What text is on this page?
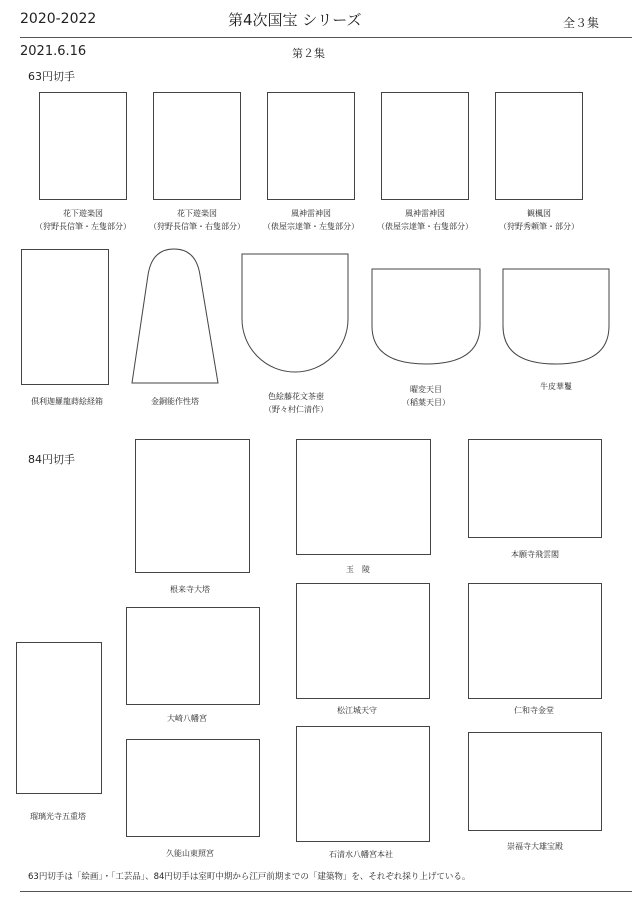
2020-2022	第4次国宝 シリーズ	全３集
2021.6.16	第２集
63円切手
花下遊楽図
（狩野長信筆・左隻部分）
花下遊楽図
（狩野長信筆・右隻部分）
風神雷神図
（俵屋宗達筆・左隻部分）
風神雷神図
（俵屋宗達筆・右隻部分）
観楓図
（狩野秀頼筆・部分）
倶利迦羅龍蒔絵経箱	金銅能作性塔
色絵藤花文茶壺
（野々村仁清作）
曜変天目
（稲葉天目）
牛皮華鬘
84円切手
根来寺大塔
玉　陵
本願寺飛雲閣
大崎八幡宮
松江城天守	仁和寺金堂
瑠璃光寺五重塔
久能山東照宮	石清水八幡宮本社
崇福寺大雄宝殿
63円切手は「絵画」・「工芸品」、84円切手は室町中期から江戸前期までの「建築物」を、それぞれ採り上げている。
